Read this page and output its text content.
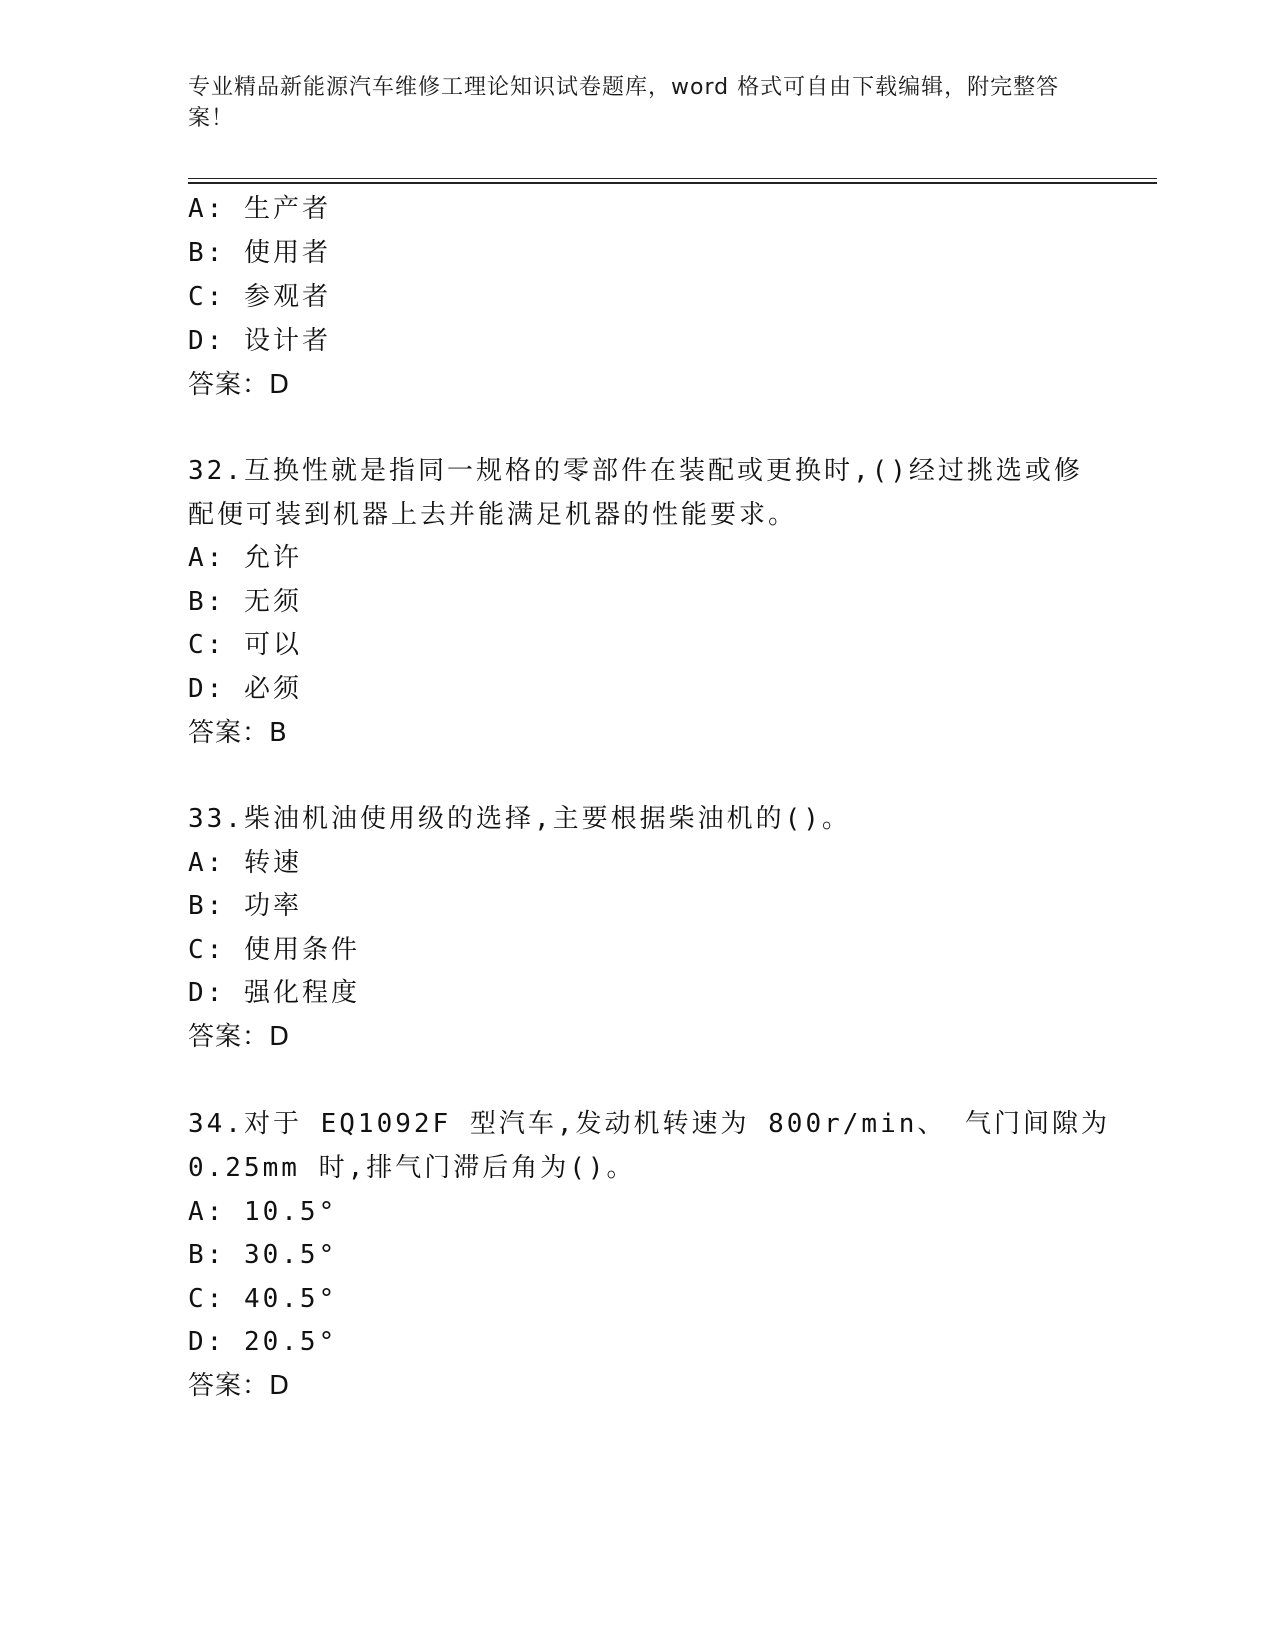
专业精品新能源汽车维修工理论知识试卷题库，word 格式可自由下载编辑，附完整答案！
A: 生产者
B: 使用者
C: 参观者
D: 设计者
答案：D
32.互换性就是指同一规格的零部件在装配或更换时,()经过挑选或修
配便可装到机器上去并能满足机器的性能要求。
A: 允许
B: 无须
C: 可以
D: 必须
答案：B
33.柴油机油使用级的选择,主要根据柴油机的()。
A: 转速
B: 功率
C: 使用条件
D: 强化程度
答案：D
34.对于 EQ1092F 型汽车,发动机转速为 800r/min、 气门间隙为
0.25mm 时,排气门滞后角为()。
A: 10.5°
B: 30.5°
C: 40.5°
D: 20.5°
答案：D
